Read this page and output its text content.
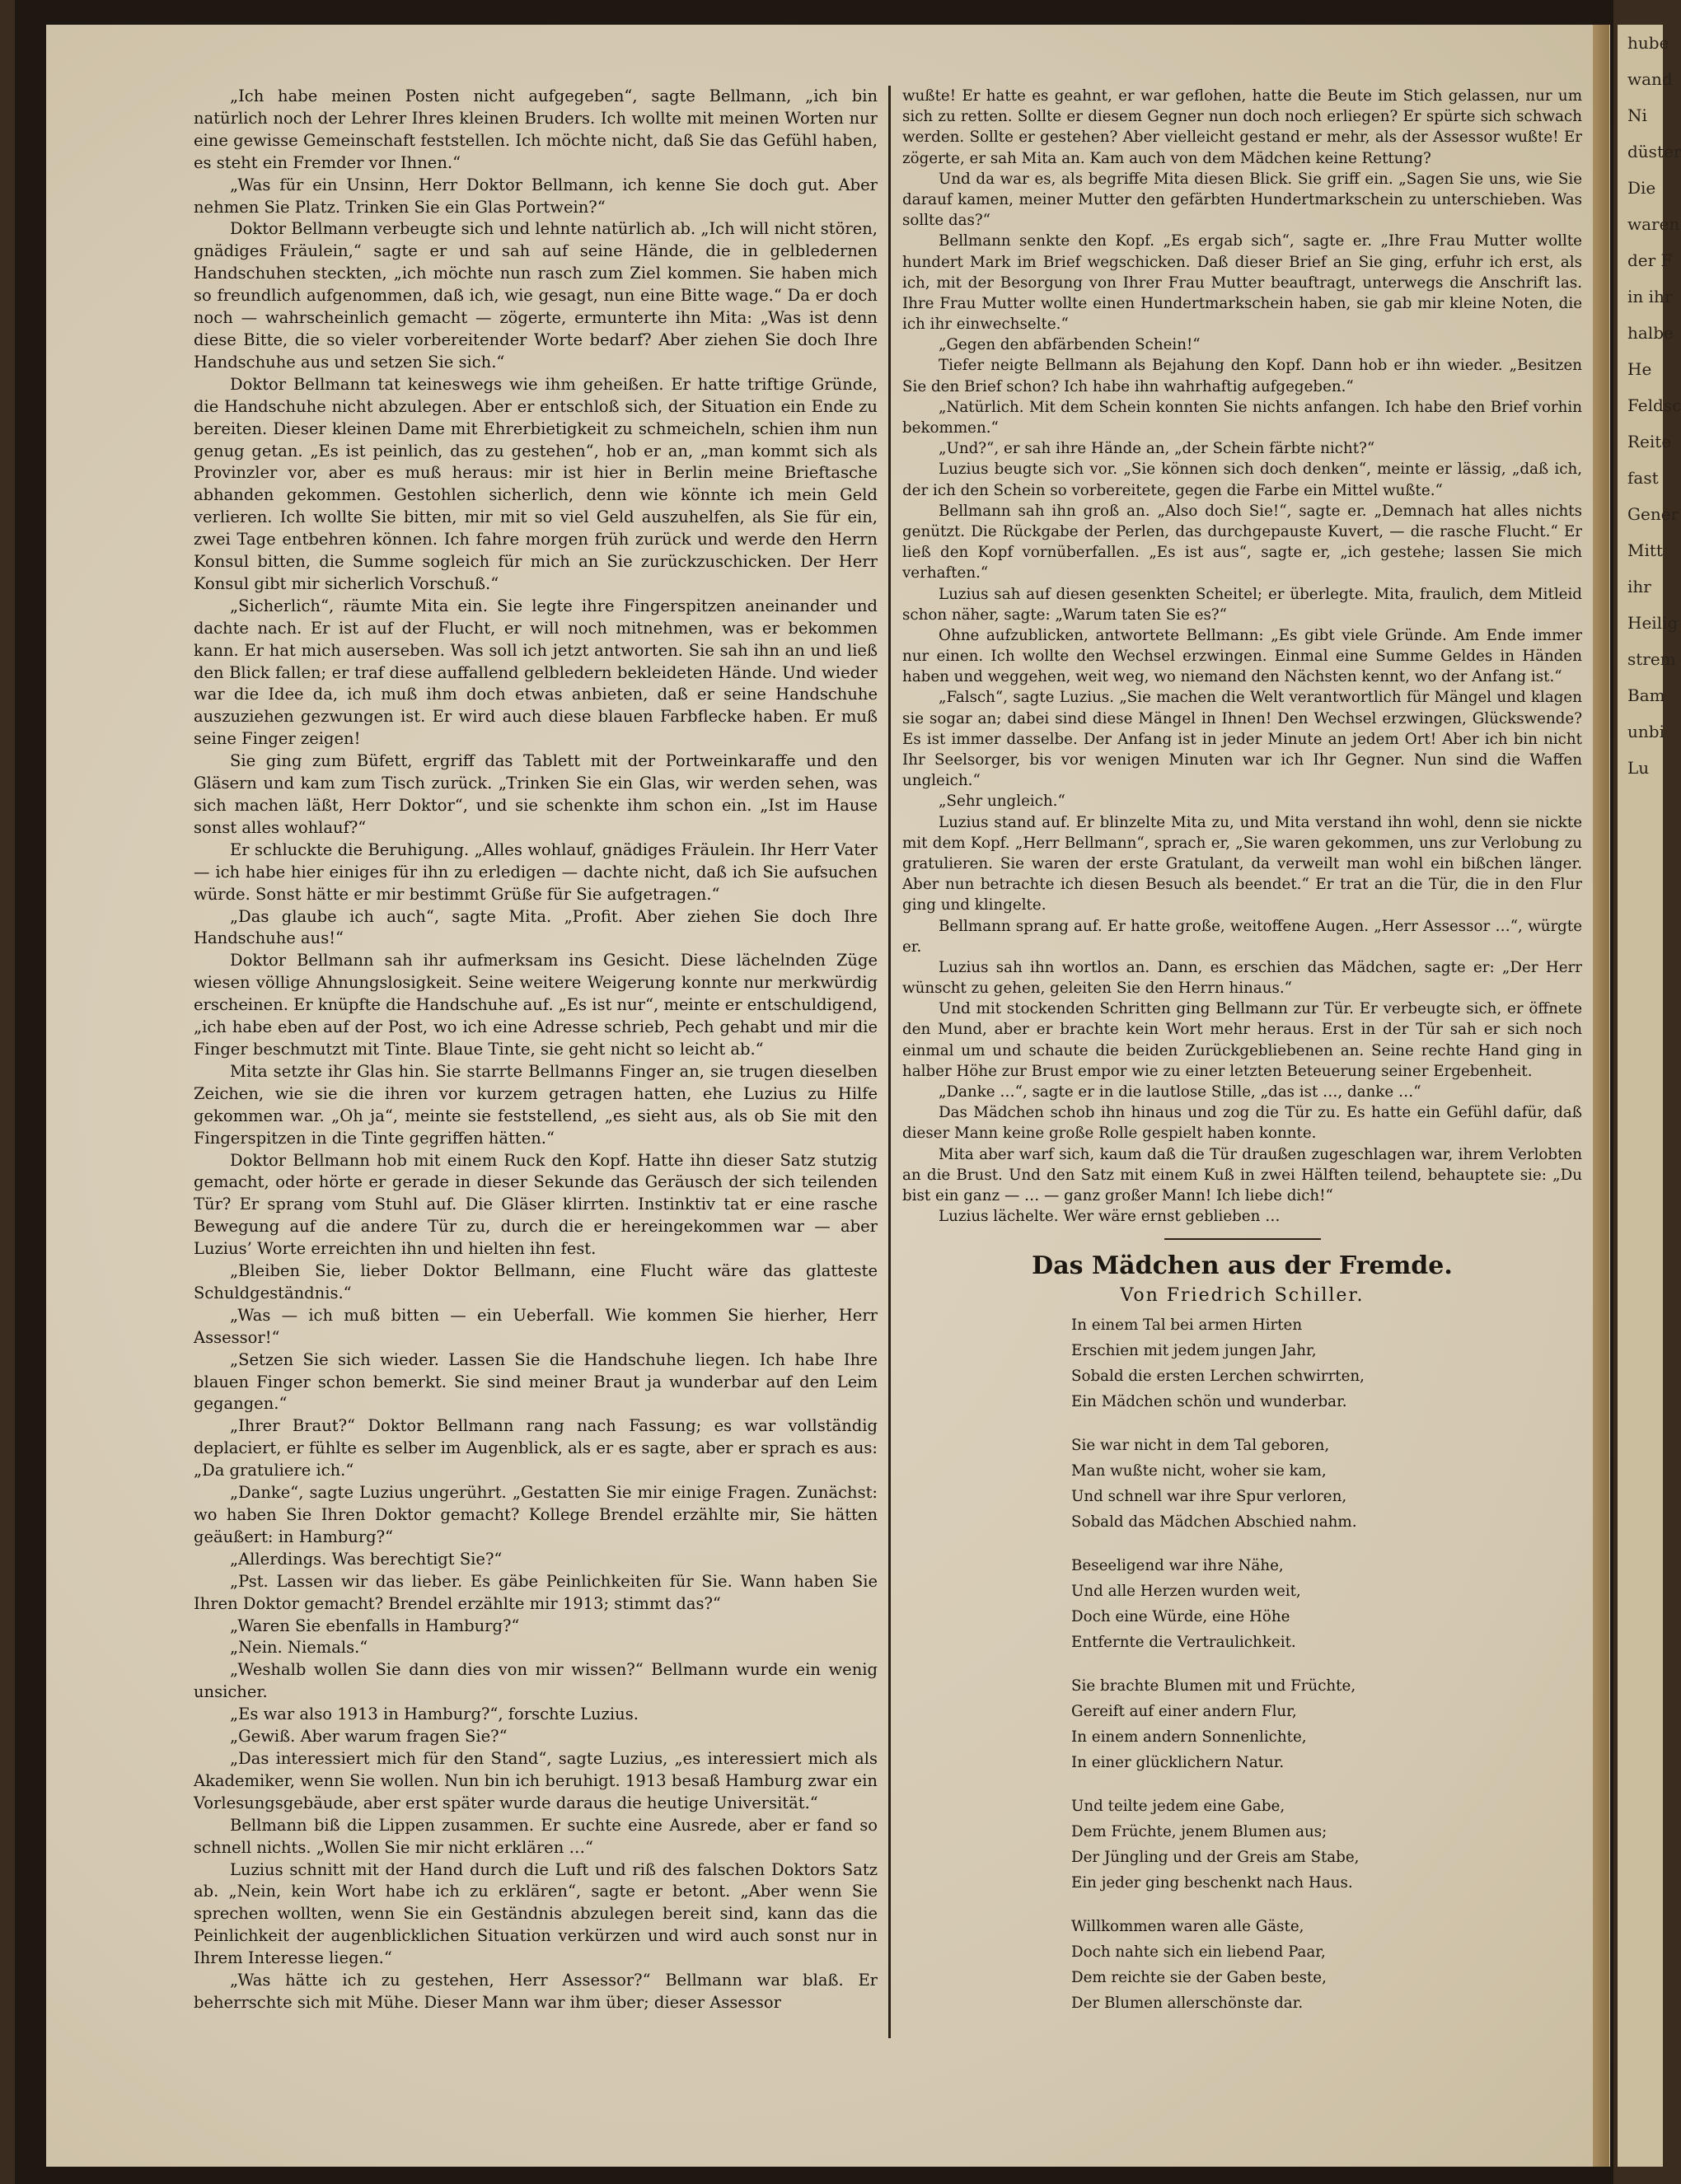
hube
wand
Ni
düster
Die
waren
der F
in ihr
halbe
He
Feldsc
Reite
fast
Gener
Mitt
ihr
Heilig
strem
Bam
unbi
Lu

„Ich habe meinen Posten nicht aufgegeben“, sagte Bellmann, „ich bin natürlich noch der Lehrer Ihres kleinen Bruders. Ich wollte mit meinen Worten nur eine gewisse Gemeinschaft feststellen. Ich möchte nicht, daß Sie das Gefühl haben, es steht ein Fremder vor Ihnen.“

„Was für ein Unsinn, Herr Doktor Bellmann, ich kenne Sie doch gut. Aber nehmen Sie Platz. Trinken Sie ein Glas Portwein?“

Doktor Bellmann verbeugte sich und lehnte natürlich ab. „Ich will nicht stören, gnädiges Fräulein,“ sagte er und sah auf seine Hände, die in gelbledernen Handschuhen steckten, „ich möchte nun rasch zum Ziel kommen. Sie haben mich so freundlich aufgenommen, daß ich, wie gesagt, nun eine Bitte wage.“ Da er doch noch — wahrscheinlich gemacht — zögerte, ermunterte ihn Mita: „Was ist denn diese Bitte, die so vieler vorbereitender Worte bedarf? Aber ziehen Sie doch Ihre Handschuhe aus und setzen Sie sich.“

Doktor Bellmann tat keineswegs wie ihm geheißen. Er hatte triftige Gründe, die Handschuhe nicht abzulegen. Aber er entschloß sich, der Situation ein Ende zu bereiten. Dieser kleinen Dame mit Ehrerbietigkeit zu schmeicheln, schien ihm nun genug getan. „Es ist peinlich, das zu gestehen“, hob er an, „man kommt sich als Provinzler vor, aber es muß heraus: mir ist hier in Berlin meine Brieftasche abhanden gekommen. Gestohlen sicherlich, denn wie könnte ich mein Geld verlieren. Ich wollte Sie bitten, mir mit so viel Geld auszuhelfen, als Sie für ein, zwei Tage entbehren können. Ich fahre morgen früh zurück und werde den Herrn Konsul bitten, die Summe sogleich für mich an Sie zurückzuschicken. Der Herr Konsul gibt mir sicherlich Vorschuß.“

„Sicherlich“, räumte Mita ein. Sie legte ihre Fingerspitzen aneinander und dachte nach. Er ist auf der Flucht, er will noch mitnehmen, was er bekommen kann. Er hat mich auserseben. Was soll ich jetzt antworten. Sie sah ihn an und ließ den Blick fallen; er traf diese auffallend gelbledern bekleideten Hände. Und wieder war die Idee da, ich muß ihm doch etwas anbieten, daß er seine Handschuhe auszuziehen gezwungen ist. Er wird auch diese blauen Farbflecke haben. Er muß seine Finger zeigen!

Sie ging zum Büfett, ergriff das Tablett mit der Portweinkaraffe und den Gläsern und kam zum Tisch zurück. „Trinken Sie ein Glas, wir werden sehen, was sich machen läßt, Herr Doktor“, und sie schenkte ihm schon ein. „Ist im Hause sonst alles wohlauf?“

Er schluckte die Beruhigung. „Alles wohlauf, gnädiges Fräulein. Ihr Herr Vater — ich habe hier einiges für ihn zu erledigen — dachte nicht, daß ich Sie aufsuchen würde. Sonst hätte er mir bestimmt Grüße für Sie aufgetragen.“

„Das glaube ich auch“, sagte Mita. „Profit. Aber ziehen Sie doch Ihre Handschuhe aus!“

Doktor Bellmann sah ihr aufmerksam ins Gesicht. Diese lächelnden Züge wiesen völlige Ahnungslosigkeit. Seine weitere Weigerung konnte nur merkwürdig erscheinen. Er knüpfte die Handschuhe auf. „Es ist nur“, meinte er entschuldigend, „ich habe eben auf der Post, wo ich eine Adresse schrieb, Pech gehabt und mir die Finger beschmutzt mit Tinte. Blaue Tinte, sie geht nicht so leicht ab.“

Mita setzte ihr Glas hin. Sie starrte Bellmanns Finger an, sie trugen dieselben Zeichen, wie sie die ihren vor kurzem getragen hatten, ehe Luzius zu Hilfe gekommen war. „Oh ja“, meinte sie feststellend, „es sieht aus, als ob Sie mit den Fingerspitzen in die Tinte gegriffen hätten.“

Doktor Bellmann hob mit einem Ruck den Kopf. Hatte ihn dieser Satz stutzig gemacht, oder hörte er gerade in dieser Sekunde das Geräusch der sich teilenden Tür? Er sprang vom Stuhl auf. Die Gläser klirrten. Instinktiv tat er eine rasche Bewegung auf die andere Tür zu, durch die er hereingekommen war — aber Luzius’ Worte erreichten ihn und hielten ihn fest.

„Bleiben Sie, lieber Doktor Bellmann, eine Flucht wäre das glatteste Schuldgeständnis.“

„Was — ich muß bitten — ein Ueberfall. Wie kommen Sie hierher, Herr Assessor!“

„Setzen Sie sich wieder. Lassen Sie die Handschuhe liegen. Ich habe Ihre blauen Finger schon bemerkt. Sie sind meiner Braut ja wunderbar auf den Leim gegangen.“

„Ihrer Braut?“ Doktor Bellmann rang nach Fassung; es war vollständig deplaciert, er fühlte es selber im Augenblick, als er es sagte, aber er sprach es aus: „Da gratuliere ich.“

„Danke“, sagte Luzius ungerührt. „Gestatten Sie mir einige Fragen. Zunächst: wo haben Sie Ihren Doktor gemacht? Kollege Brendel erzählte mir, Sie hätten geäußert: in Hamburg?“

„Allerdings. Was berechtigt Sie?“

„Pst. Lassen wir das lieber. Es gäbe Peinlichkeiten für Sie. Wann haben Sie Ihren Doktor gemacht? Brendel erzählte mir 1913; stimmt das?“

„Waren Sie ebenfalls in Hamburg?“

„Nein. Niemals.“

„Weshalb wollen Sie dann dies von mir wissen?“ Bellmann wurde ein wenig unsicher.

„Es war also 1913 in Hamburg?“, forschte Luzius.

„Gewiß. Aber warum fragen Sie?“

„Das interessiert mich für den Stand“, sagte Luzius, „es interessiert mich als Akademiker, wenn Sie wollen. Nun bin ich beruhigt. 1913 besaß Hamburg zwar ein Vorlesungsgebäude, aber erst später wurde daraus die heutige Universität.“

Bellmann biß die Lippen zusammen. Er suchte eine Ausrede, aber er fand so schnell nichts. „Wollen Sie mir nicht erklären …“

Luzius schnitt mit der Hand durch die Luft und riß des falschen Doktors Satz ab. „Nein, kein Wort habe ich zu erklären“, sagte er betont. „Aber wenn Sie sprechen wollten, wenn Sie ein Geständnis abzulegen bereit sind, kann das die Peinlichkeit der augenblicklichen Situation verkürzen und wird auch sonst nur in Ihrem Interesse liegen.“

„Was hätte ich zu gestehen, Herr Assessor?“ Bellmann war blaß. Er beherrschte sich mit Mühe. Dieser Mann war ihm über; dieser Assessor

wußte! Er hatte es geahnt, er war geflohen, hatte die Beute im Stich gelassen, nur um sich zu retten. Sollte er diesem Gegner nun doch noch erliegen? Er spürte sich schwach werden. Sollte er gestehen? Aber vielleicht gestand er mehr, als der Assessor wußte! Er zögerte, er sah Mita an. Kam auch von dem Mädchen keine Rettung?

Und da war es, als begriffe Mita diesen Blick. Sie griff ein. „Sagen Sie uns, wie Sie darauf kamen, meiner Mutter den gefärbten Hundertmarkschein zu unterschieben. Was sollte das?“

Bellmann senkte den Kopf. „Es ergab sich“, sagte er. „Ihre Frau Mutter wollte hundert Mark im Brief wegschicken. Daß dieser Brief an Sie ging, erfuhr ich erst, als ich, mit der Besorgung von Ihrer Frau Mutter beauftragt, unterwegs die Anschrift las. Ihre Frau Mutter wollte einen Hundertmarkschein haben, sie gab mir kleine Noten, die ich ihr einwechselte.“

„Gegen den abfärbenden Schein!“

Tiefer neigte Bellmann als Bejahung den Kopf. Dann hob er ihn wieder. „Besitzen Sie den Brief schon? Ich habe ihn wahrhaftig aufgegeben.“

„Natürlich. Mit dem Schein konnten Sie nichts anfangen. Ich habe den Brief vorhin bekommen.“

„Und?“, er sah ihre Hände an, „der Schein färbte nicht?“

Luzius beugte sich vor. „Sie können sich doch denken“, meinte er lässig, „daß ich, der ich den Schein so vorbereitete, gegen die Farbe ein Mittel wußte.“

Bellmann sah ihn groß an. „Also doch Sie!“, sagte er. „Demnach hat alles nichts genützt. Die Rückgabe der Perlen, das durchgepauste Kuvert, — die rasche Flucht.“ Er ließ den Kopf vornüberfallen. „Es ist aus“, sagte er, „ich gestehe; lassen Sie mich verhaften.“

Luzius sah auf diesen gesenkten Scheitel; er überlegte. Mita, fraulich, dem Mitleid schon näher, sagte: „Warum taten Sie es?“

Ohne aufzublicken, antwortete Bellmann: „Es gibt viele Gründe. Am Ende immer nur einen. Ich wollte den Wechsel erzwingen. Einmal eine Summe Geldes in Händen haben und weggehen, weit weg, wo niemand den Nächsten kennt, wo der Anfang ist.“

„Falsch“, sagte Luzius. „Sie machen die Welt verantwortlich für Mängel und klagen sie sogar an; dabei sind diese Mängel in Ihnen! Den Wechsel erzwingen, Glückswende? Es ist immer dasselbe. Der Anfang ist in jeder Minute an jedem Ort! Aber ich bin nicht Ihr Seelsorger, bis vor wenigen Minuten war ich Ihr Gegner. Nun sind die Waffen ungleich.“

„Sehr ungleich.“

Luzius stand auf. Er blinzelte Mita zu, und Mita verstand ihn wohl, denn sie nickte mit dem Kopf. „Herr Bellmann“, sprach er, „Sie waren gekommen, uns zur Verlobung zu gratulieren. Sie waren der erste Gratulant, da verweilt man wohl ein bißchen länger. Aber nun betrachte ich diesen Besuch als beendet.“ Er trat an die Tür, die in den Flur ging und klingelte.

Bellmann sprang auf. Er hatte große, weitoffene Augen. „Herr Assessor …“, würgte er.

Luzius sah ihn wortlos an. Dann, es erschien das Mädchen, sagte er: „Der Herr wünscht zu gehen, geleiten Sie den Herrn hinaus.“

Und mit stockenden Schritten ging Bellmann zur Tür. Er verbeugte sich, er öffnete den Mund, aber er brachte kein Wort mehr heraus. Erst in der Tür sah er sich noch einmal um und schaute die beiden Zurückgebliebenen an. Seine rechte Hand ging in halber Höhe zur Brust empor wie zu einer letzten Beteuerung seiner Ergebenheit.

„Danke …“, sagte er in die lautlose Stille, „das ist …, danke …“

Das Mädchen schob ihn hinaus und zog die Tür zu. Es hatte ein Gefühl dafür, daß dieser Mann keine große Rolle gespielt haben konnte.

Mita aber warf sich, kaum daß die Tür draußen zugeschlagen war, ihrem Verlobten an die Brust. Und den Satz mit einem Kuß in zwei Hälften teilend, behauptete sie: „Du bist ein ganz — … — ganz großer Mann! Ich liebe dich!“

Luzius lächelte. Wer wäre ernst geblieben …

Das Mädchen aus der Fremde.
Von Friedrich Schiller.
In einem Tal bei armen Hirten
Erschien mit jedem jungen Jahr,
Sobald die ersten Lerchen schwirrten,
Ein Mädchen schön und wunderbar.
Sie war nicht in dem Tal geboren,
Man wußte nicht, woher sie kam,
Und schnell war ihre Spur verloren,
Sobald das Mädchen Abschied nahm.
Beseeligend war ihre Nähe,
Und alle Herzen wurden weit,
Doch eine Würde, eine Höhe
Entfernte die Vertraulichkeit.
Sie brachte Blumen mit und Früchte,
Gereift auf einer andern Flur,
In einem andern Sonnenlichte,
In einer glücklichern Natur.
Und teilte jedem eine Gabe,
Dem Früchte, jenem Blumen aus;
Der Jüngling und der Greis am Stabe,
Ein jeder ging beschenkt nach Haus.
Willkommen waren alle Gäste,
Doch nahte sich ein liebend Paar,
Dem reichte sie der Gaben beste,
Der Blumen allerschönste dar.
